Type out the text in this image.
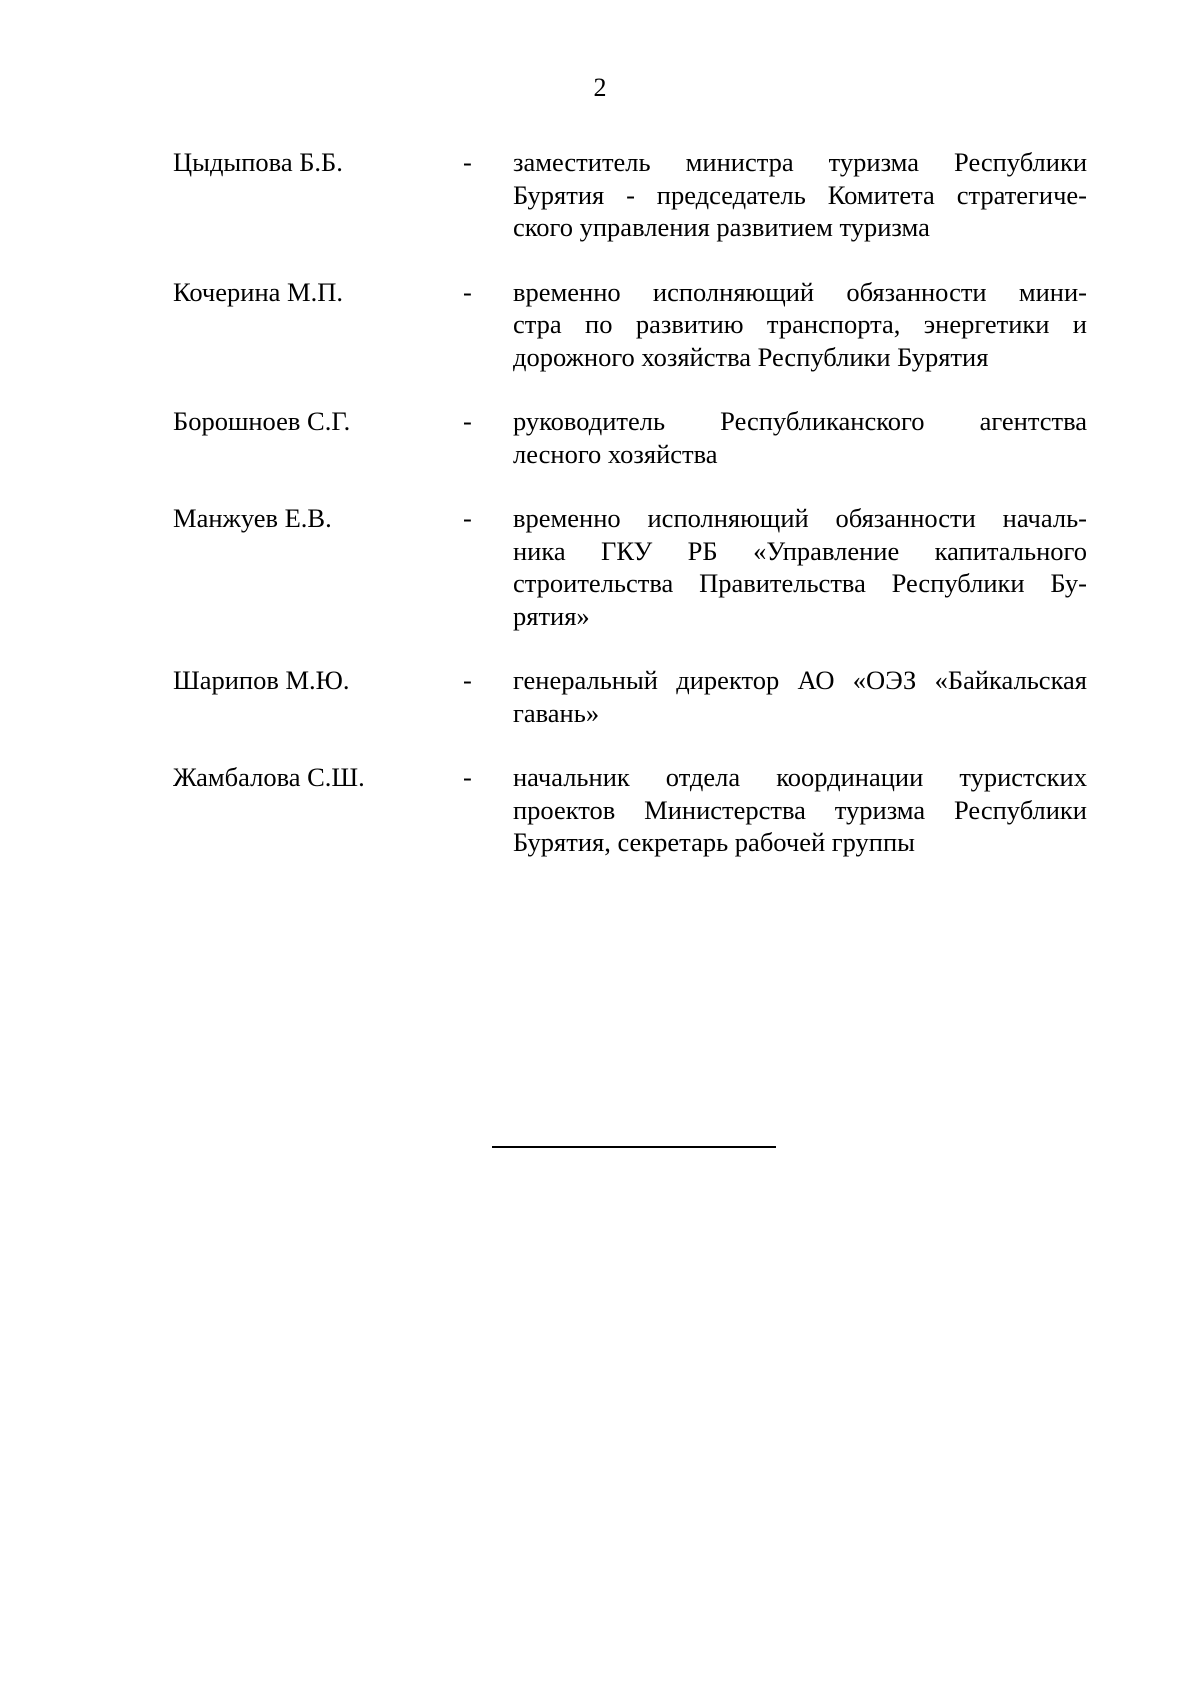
2
Цыдыпова Б.Б.	-	заместитель министра туризма Республики
Бурятия - председатель Комитета стратегиче-
ского управления развитием туризма
Кочерина М.П.	-	временно исполняющий обязанности мини-
стра по развитию транспорта, энергетики и
дорожного хозяйства Республики Бурятия
Борошноев С.Г.	-	руководитель Республиканского агентства
лесного хозяйства
Манжуев Е.В.	-	временно исполняющий обязанности началь-
ника ГКУ РБ «Управление капитального
строительства Правительства Республики Бу-
рятия»
Шарипов М.Ю.	-	генеральный директор АО «ОЭЗ «Байкальская
гавань»
Жамбалова С.Ш.	-	начальник отдела координации туристских
проектов Министерства туризма Республики
Бурятия, секретарь рабочей группы
